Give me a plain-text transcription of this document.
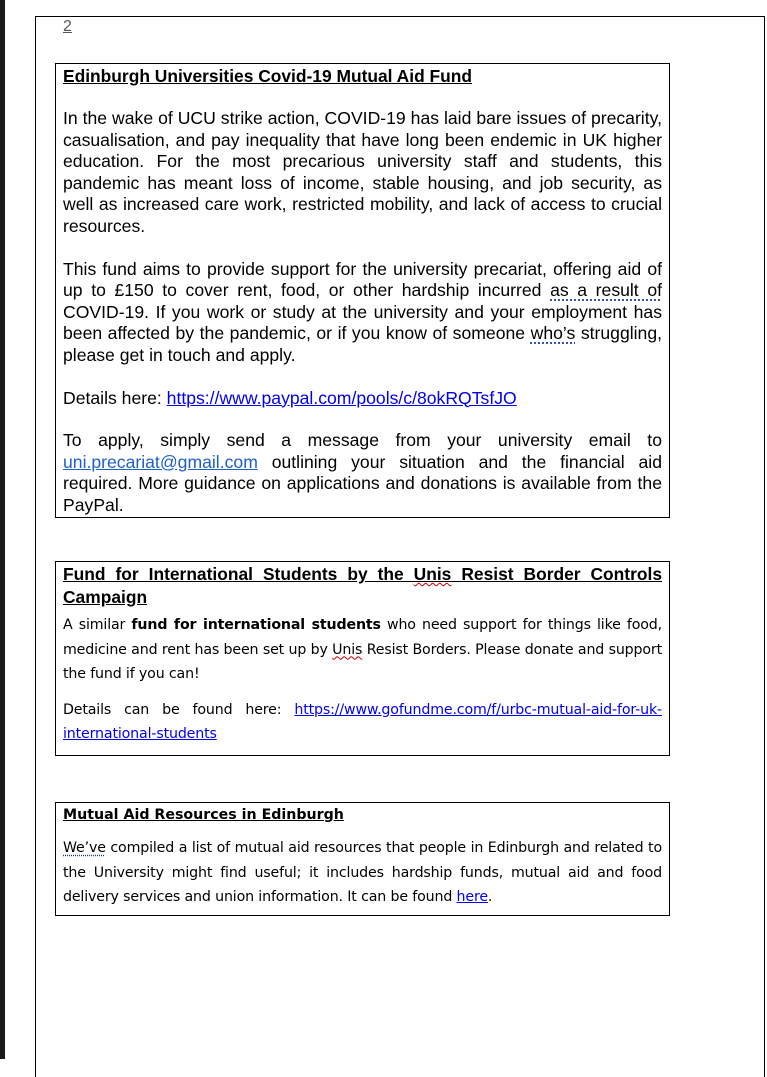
2
Edinburgh Universities Covid-19 Mutual Aid Fund

In the wake of UCU strike action, COVID-19 has laid bare issues of precarity, casualisation, and pay inequality that have long been endemic in UK higher education. For the most precarious university staff and students, this pandemic has meant loss of income, stable housing, and job security, as well as increased care work, restricted mobility, and lack of access to crucial resources.

This fund aims to provide support for the university precariat, offering aid of up to £150 to cover rent, food, or other hardship incurred as a result of COVID-19. If you work or study at the university and your employment has been affected by the pandemic, or if you know of someone who’s struggling, please get in touch and apply.

Details here: https://www.paypal.com/pools/c/8okRQTsfJO

To apply, simply send a message from your university email to uni.precariat@gmail.com outlining your situation and the financial aid required. More guidance on applications and donations is available from the PayPal.

Fund for International Students by the Unis Resist Border Controls Campaign

A similar fund for international students who need support for things like food, medicine and rent has been set up by Unis Resist Borders. Please donate and support the fund if you can!

Details can be found here: https://www.gofundme.com/f/urbc-mutual-aid-for-uk-international-students

Mutual Aid Resources in Edinburgh

We’ve compiled a list of mutual aid resources that people in Edinburgh and related to the University might find useful; it includes hardship funds, mutual aid and food delivery services and union information. It can be found here.
